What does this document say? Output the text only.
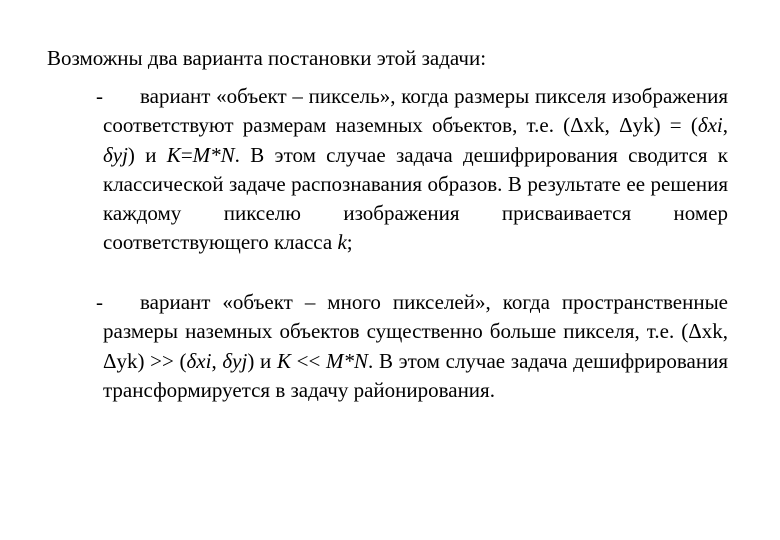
Возможны два варианта постановки этой задачи:

- вариант «объект – пиксель», когда размеры пикселя изображения соответствуют размерам наземных объектов, т.е. (Δxk, Δyk) = (δxi, δyj) и K=M*N. В этом случае задача дешифрирования сводится к классической задаче распознавания образов. В результате ее решения каждому пикселю изображения присваивается номер соответствующего класса k;

- вариант «объект – много пикселей», когда пространственные размеры наземных объектов существенно больше пикселя, т.е. (Δxk, Δyk) >> (δxi, δyj) и K << M*N. В этом случае задача дешифрирования трансформируется в задачу районирования.
